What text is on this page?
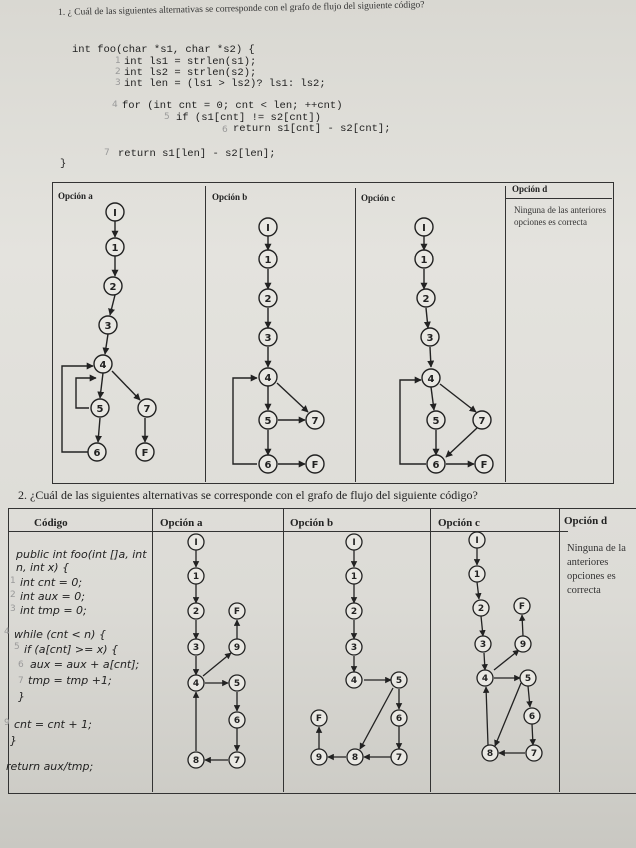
1. ¿ Cuál de las siguientes alternativas se corresponde con el grafo de flujo del siguiente código?
int foo(char *s1, char *s2) {
int ls1 = strlen(s1);
int ls2 = strlen(s2);
int len = (ls1 > ls2)? ls1: ls2;
for (int cnt = 0; cnt < len; ++cnt)
if (s1[cnt] != s2[cnt])
return s1[cnt] - s2[cnt];
return s1[len] - s2[len];
}
1
2
3
4
5
6
7
Opción a	Opción b	Opción c
Opción d
Ninguna de las anteriores opciones es correcta
I
1
2
3
4
5	7
6	F
I
1
2
3
4
5	7
6	F
I
1
2
3
4
5	7
6	F
2. ¿Cuál de las siguientes alternativas se corresponde con el grafo de flujo del siguiente código?
Código	Opción a	Opción b	Opción c	Opción d
Ninguna de la anteriores opciones es correcta
public int foo(int []a, int
n, int x) {
int cnt = 0;
int aux = 0;
int tmp = 0;
while (cnt < n) {
if (a[cnt] >= x) {
aux = aux + a[cnt];
tmp = tmp +1;
}
cnt = cnt + 1;
}
return aux/tmp;
1
2
3
4
5
6
7
9
I
1
2	F
3	9
4	5
6
8	7
I
1
2
3
4	5
6
F
9	8	7
I
1
2	F
3	9
4	5
6
8	7
